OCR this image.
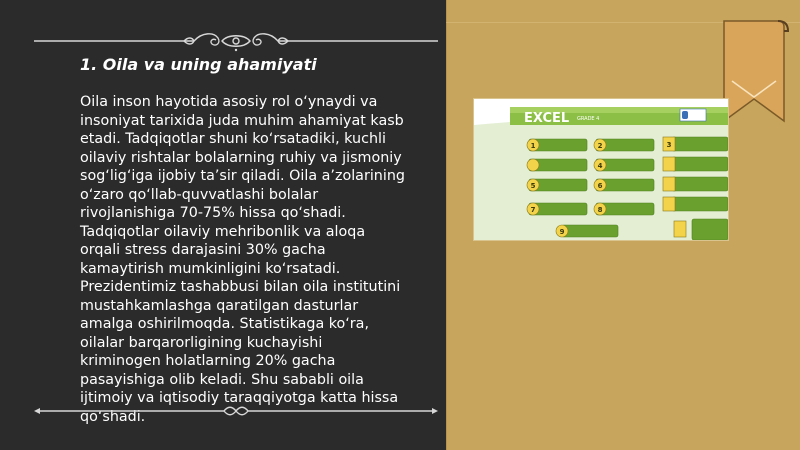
1. Oila va uning ahamiyati

Oila inson hayotida asosiy rol o‘ynaydi va
insoniyat tarixida juda muhim ahamiyat kasb
etadi. Tadqiqotlar shuni ko‘rsatadiki, kuchli
oilaviy rishtalar bolalarning ruhiy va jismoniy
sog‘lig‘iga ijobiy ta’sir qiladi. Oila a’zolarining
o‘zaro qo‘llab-quvvatlashi bolalar
rivojlanishiga 70-75% hissa qo‘shadi.
Tadqiqotlar oilaviy mehribonlik va aloqa
orqali stress darajasini 30% gacha
kamaytirish mumkinligini ko‘rsatadi.
Prezidentimiz tashabbusi bilan oila institutini
mustahkamlashga qaratilgan dasturlar
amalga oshirilmoqda. Statistikaga ko‘ra,
oilalar barqarorligining kuchayishi
kriminogen holatlarning 20% gacha
pasayishiga olib keladi. Shu sababli oila
ijtimoiy va iqtisodiy taraqqiyotga katta hissa
qo‘shadi.

EXCEL GRADE 4
1	2	3
4
5	6
7	8
9
